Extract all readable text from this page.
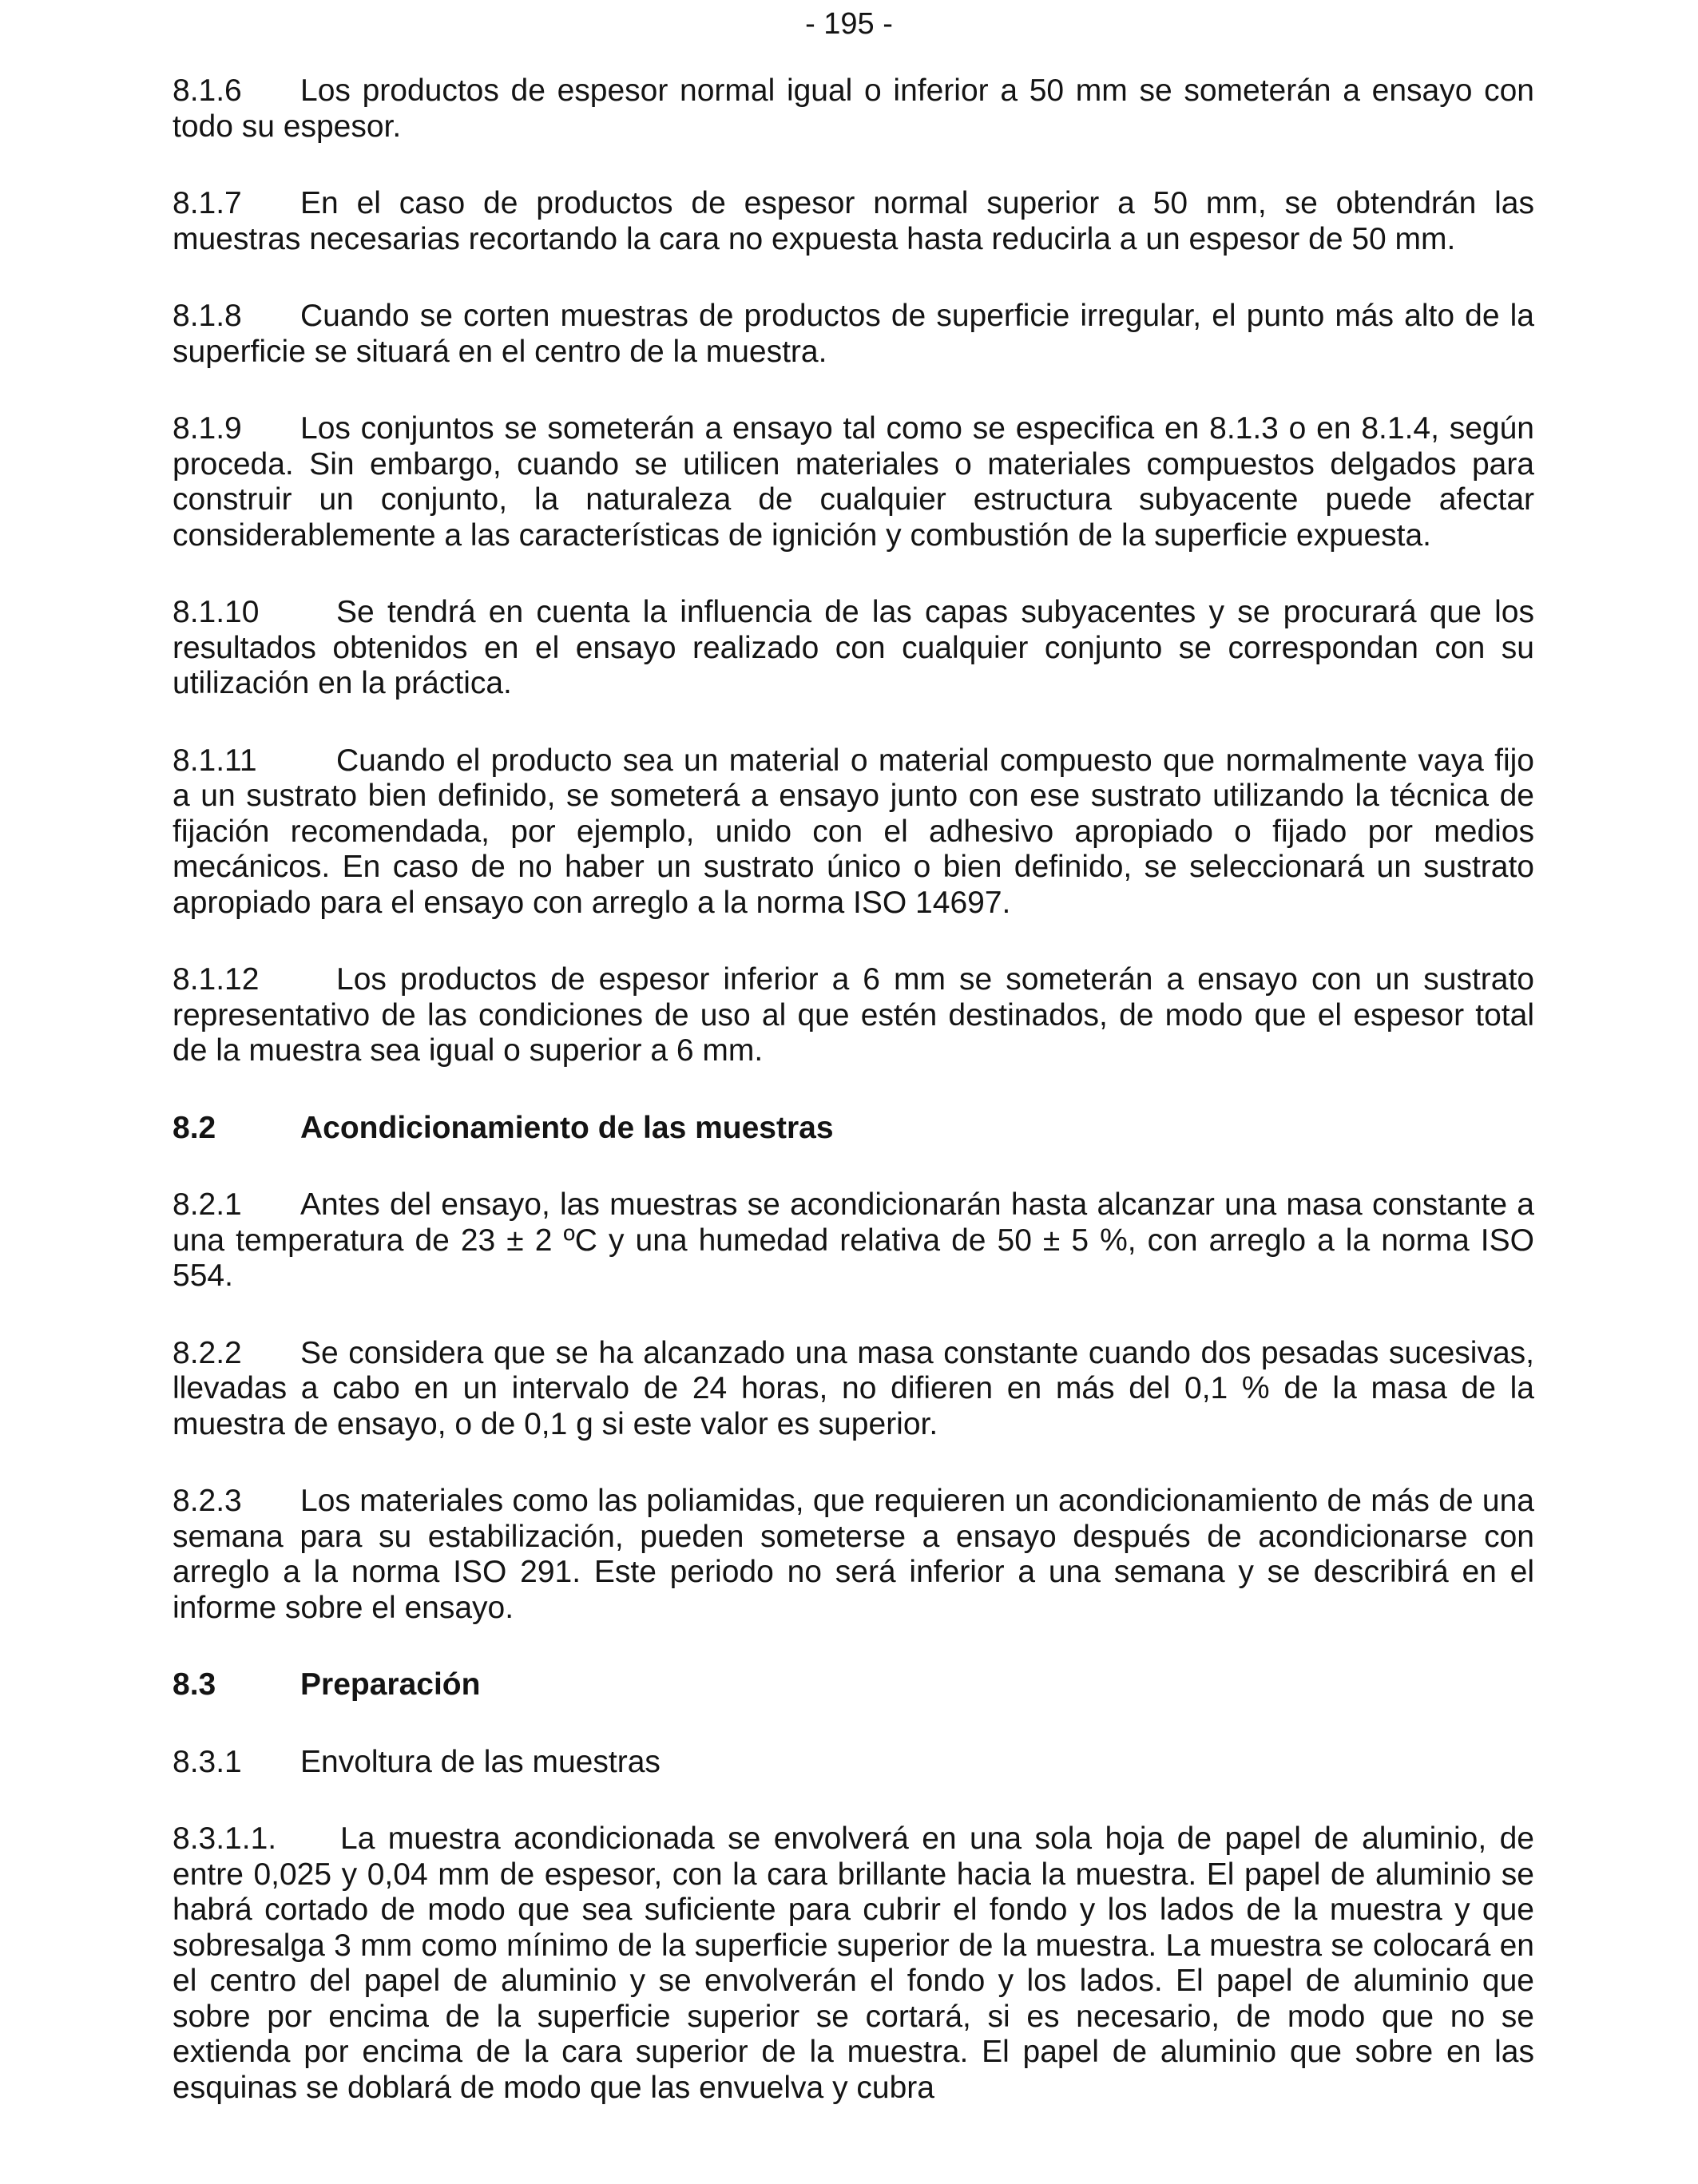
- 195 -

8.1.6 Los productos de espesor normal igual o inferior a 50 mm se someterán a ensayo con todo su espesor.

8.1.7 En el caso de productos de espesor normal superior a 50 mm, se obtendrán las muestras necesarias recortando la cara no expuesta hasta reducirla a un espesor de 50 mm.

8.1.8 Cuando se corten muestras de productos de superficie irregular, el punto más alto de la superficie se situará en el centro de la muestra.

8.1.9 Los conjuntos se someterán a ensayo tal como se especifica en 8.1.3 o en 8.1.4, según proceda. Sin embargo, cuando se utilicen materiales o materiales compuestos delgados para construir un conjunto, la naturaleza de cualquier estructura subyacente puede afectar considerablemente a las características de ignición y combustión de la superficie expuesta.

8.1.10 Se tendrá en cuenta la influencia de las capas subyacentes y se procurará que los resultados obtenidos en el ensayo realizado con cualquier conjunto se correspondan con su utilización en la práctica.

8.1.11	Cuando el producto sea un material o material compuesto que normalmente vaya fijo a un sustrato bien definido, se someterá a ensayo junto con ese sustrato utilizando la técnica de fijación recomendada, por ejemplo, unido con el adhesivo apropiado o fijado por medios mecánicos. En caso de no haber un sustrato único o bien definido, se seleccionará un sustrato apropiado para el ensayo con arreglo a la norma ISO 14697.

8.1.12 Los productos de espesor inferior a 6 mm se someterán a ensayo con un sustrato representativo de las condiciones de uso al que estén destinados, de modo que el espesor total de la muestra sea igual o superior a 6 mm.

8.2	Acondicionamiento de las muestras

8.2.1 Antes del ensayo, las muestras se acondicionarán hasta alcanzar una masa constante a una temperatura de 23 ± 2 ºC y una humedad relativa de 50 ± 5 %, con arreglo a la norma ISO 554.

8.2.2 Se considera que se ha alcanzado una masa constante cuando dos pesadas sucesivas, llevadas a cabo en un intervalo de 24 horas, no difieren en más del 0,1 % de la masa de la muestra de ensayo, o de 0,1 g si este valor es superior.

8.2.3 Los materiales como las poliamidas, que requieren un acondicionamiento de más de una semana para su estabilización, pueden someterse a ensayo después de acondicionarse con arreglo a la norma ISO 291. Este periodo no será inferior a una semana y se describirá en el informe sobre el ensayo.

8.3	Preparación
8.3.1 Envoltura de las muestras

8.3.1.1. La muestra acondicionada se envolverá en una sola hoja de papel de aluminio, de entre 0,025 y 0,04 mm de espesor, con la cara brillante hacia la muestra. El papel de aluminio se habrá cortado de modo que sea suficiente para cubrir el fondo y los lados de la muestra y que sobresalga 3 mm como mínimo de la superficie superior de la muestra. La muestra se colocará en el centro del papel de aluminio y se envolverán el fondo y los lados. El papel de aluminio que sobre por encima de la superficie superior se cortará, si es necesario, de modo que no se extienda por encima de la cara superior de la muestra. El papel de aluminio que sobre en las esquinas se doblará de modo que las envuelva y cubra
